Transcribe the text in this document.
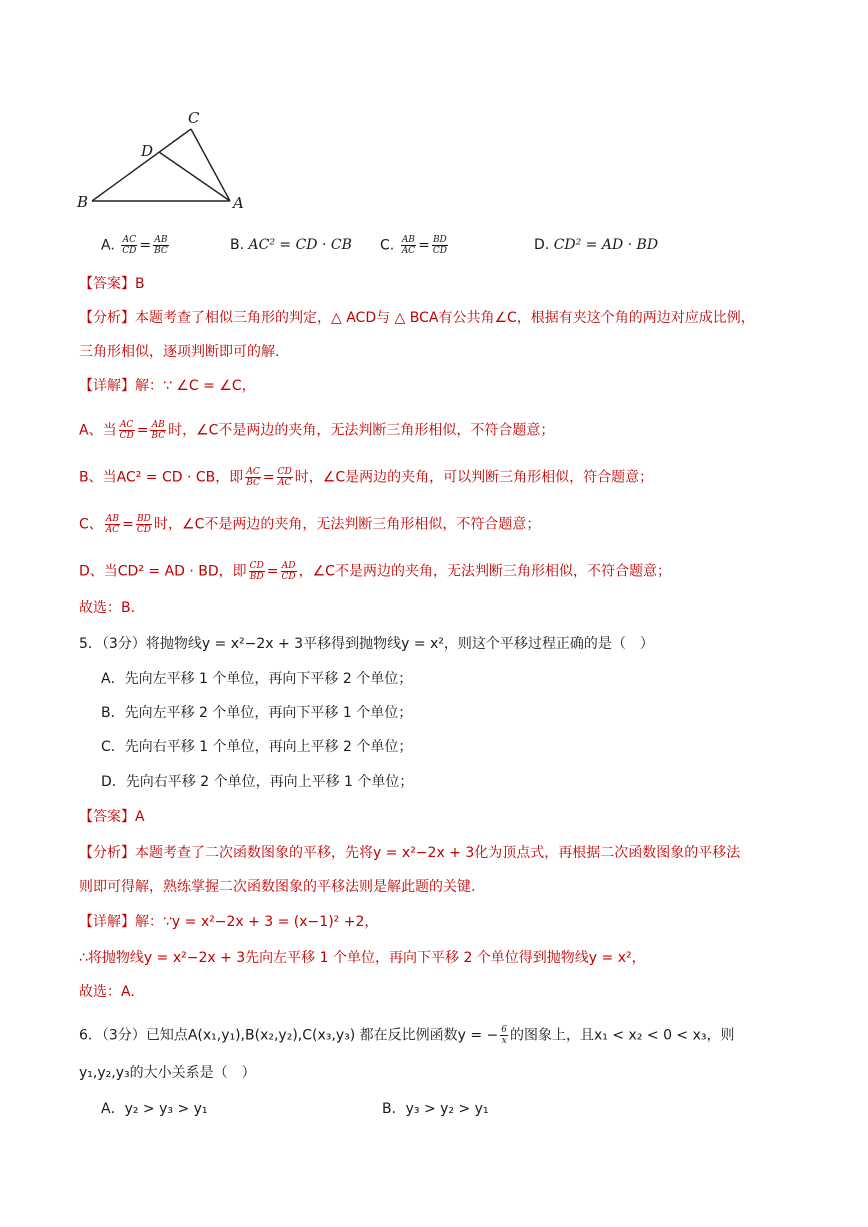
C
D
B	A
A. $\frac{AC}{CD} = \frac{AB}{BC}$	B. AC² = CD · CB C. $\frac{AB}{AC} = \frac{BD}{CD}$	D. CD² = AD · BD
【答案】B
【分析】本题考查了相似三角形的判定，△ ACD与 △ BCA有公共角∠C，根据有夹这个角的两边对应成比例，
三角形相似，逐项判断即可的解.
【详解】解：∵ ∠C = ∠C，
A、当 $\frac{AC}{CD} = \frac{AB}{BC}$ 时，∠C不是两边的夹角，无法判断三角形相似，不符合题意；
B、当AC² = CD · CB，即 $\frac{AC}{BC} = \frac{CD}{AC}$ 时，∠C是两边的夹角，可以判断三角形相似，符合题意；
C、 $\frac{AB}{AC} = \frac{BD}{CD}$ 时，∠C不是两边的夹角，无法判断三角形相似，不符合题意；
D、当CD² = AD · BD，即 $\frac{CD}{BD} = \frac{AD}{CD}$ ，∠C不是两边的夹角，无法判断三角形相似，不符合题意；
故选：B.
5．（3分）将抛物线y = x²−2x + 3平移得到抛物线y = x²，则这个平移过程正确的是（　）
A．先向左平移 1 个单位，再向下平移 2 个单位；
B．先向左平移 2 个单位，再向下平移 1 个单位；
C．先向右平移 1 个单位，再向上平移 2 个单位；
D．先向右平移 2 个单位，再向上平移 1 个单位；
【答案】A
【分析】本题考查了二次函数图象的平移，先将y = x²−2x + 3化为顶点式，再根据二次函数图象的平移法
则即可得解，熟练掌握二次函数图象的平移法则是解此题的关键.
【详解】解：∵y = x²−2x + 3 = (x−1)² +2，
∴将抛物线y = x²−2x + 3先向左平移 1 个单位，再向下平移 2 个单位得到抛物线y = x²，
故选：A.
6．（3分）已知点A(x₁,y₁),B(x₂,y₂),C(x₃,y₃) 都在反比例函数y = − $\frac{6}{x}$ 的图象上，且x₁ < x₂ < 0 < x₃，则
y₁,y₂,y₃的大小关系是（　）
A．y₂ > y₃ > y₁	B．y₃ > y₂ > y₁
